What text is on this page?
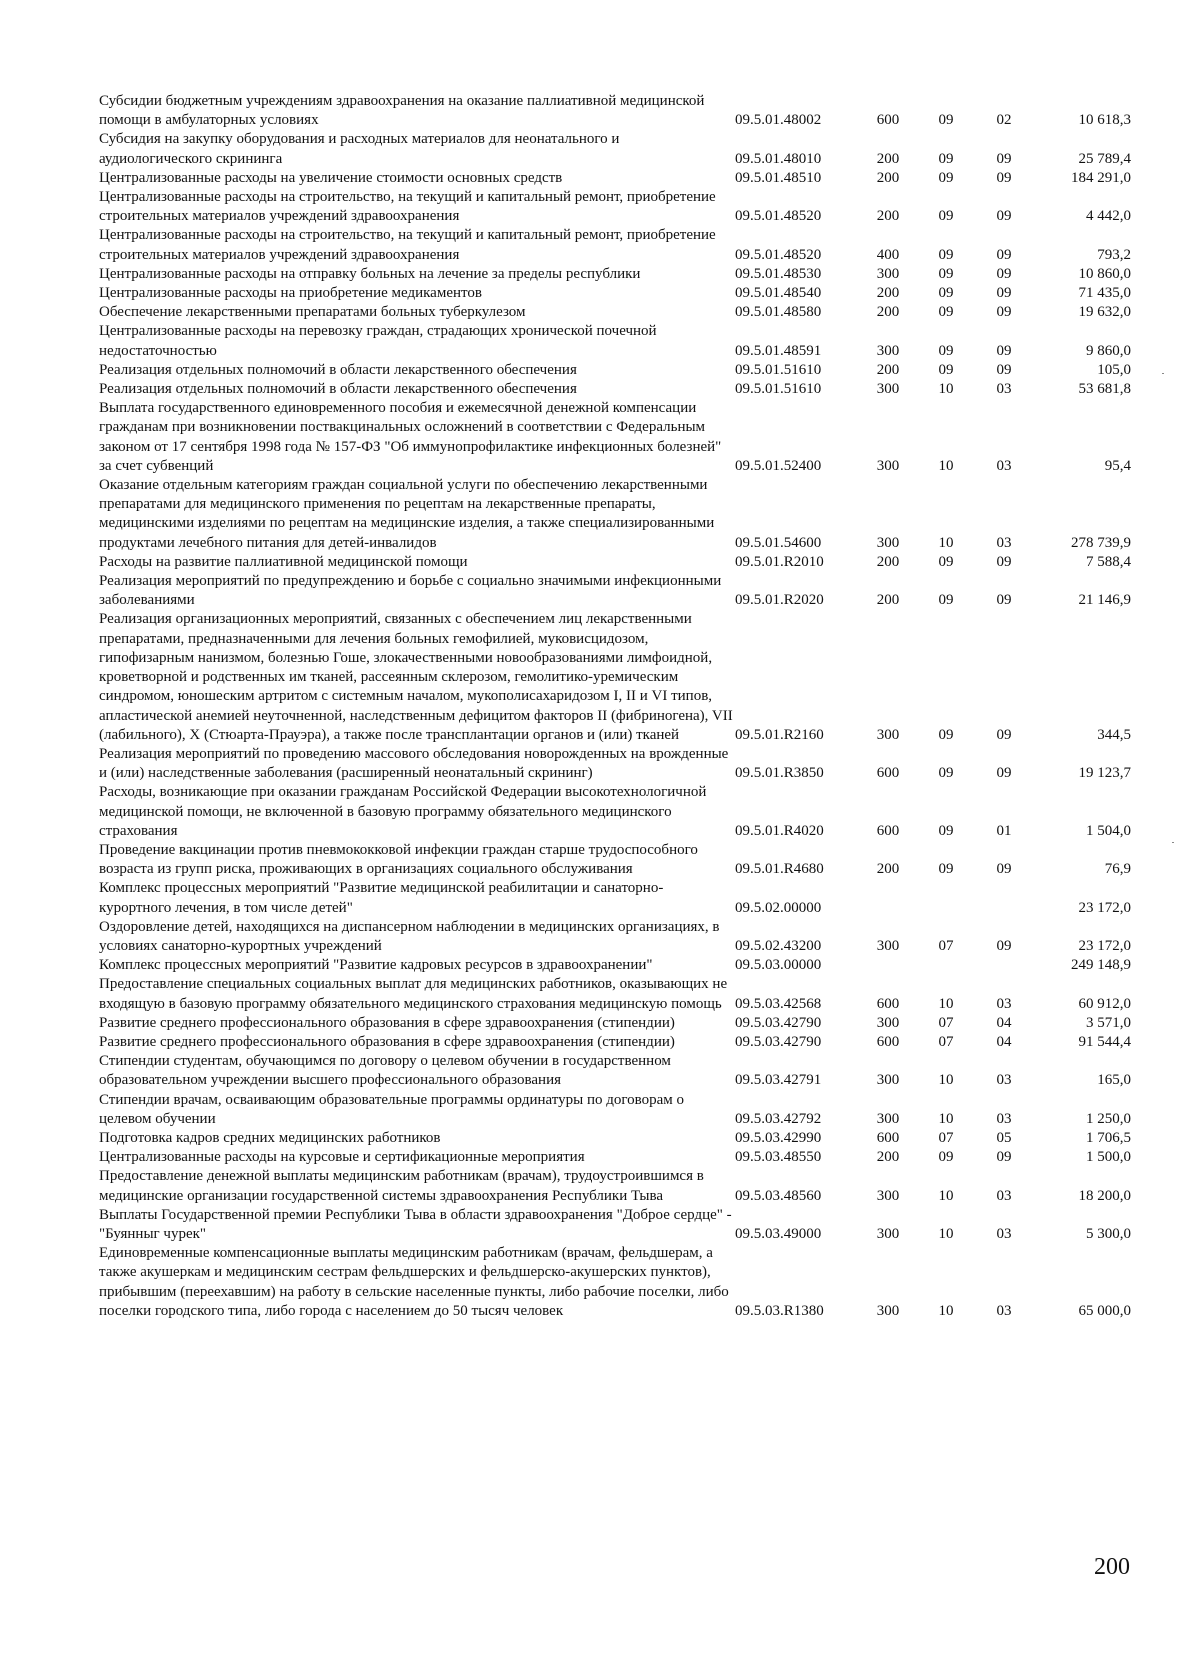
Субсидии бюджетным учреждениям здравоохранения на оказание паллиативной медицинской помощи в амбулаторных условиях	09.5.01.48002	600	09	02	10 618,3
Субсидия на закупку оборудования и расходных материалов для неонатального и аудиологического скрининга	09.5.01.48010	200	09	09	25 789,4
Централизованные расходы на увеличение стоимости основных средств	09.5.01.48510	200	09	09	184 291,0
Централизованные расходы на строительство, на текущий и капитальный ремонт, приобретение строительных материалов учреждений здравоохранения	09.5.01.48520	200	09	09	4 442,0
Централизованные расходы на строительство, на текущий и капитальный ремонт, приобретение строительных материалов учреждений здравоохранения	09.5.01.48520	400	09	09	793,2
Централизованные расходы на отправку больных на лечение за пределы республики	09.5.01.48530	300	09	09	10 860,0
Централизованные расходы на приобретение медикаментов	09.5.01.48540	200	09	09	71 435,0
Обеспечение лекарственными препаратами больных туберкулезом	09.5.01.48580	200	09	09	19 632,0
Централизованные расходы на перевозку граждан, страдающих хронической почечной недостаточностью	09.5.01.48591	300	09	09	9 860,0
Реализация отдельных полномочий в области лекарственного обеспечения	09.5.01.51610	200	09	09	105,0
Реализация отдельных полномочий в области лекарственного обеспечения	09.5.01.51610	300	10	03	53 681,8
Выплата государственного единовременного пособия и ежемесячной денежной компенсации гражданам при возникновении поствакцинальных осложнений в соответствии с Федеральным законом от 17 сентября 1998 года № 157-ФЗ "Об иммунопрофилактике инфекционных болезней" за счет субвенций	09.5.01.52400	300	10	03	95,4
Оказание отдельным категориям граждан социальной услуги по обеспечению лекарственными препаратами для медицинского применения по рецептам на лекарственные препараты, медицинскими изделиями по рецептам на медицинские изделия, а также специализированными продуктами лечебного питания для детей-инвалидов	09.5.01.54600	300	10	03	278 739,9
Расходы на развитие паллиативной медицинской помощи	09.5.01.R2010	200	09	09	7 588,4
Реализация мероприятий по предупреждению и борьбе с социально значимыми инфекционными заболеваниями	09.5.01.R2020	200	09	09	21 146,9
Реализация организационных мероприятий, связанных с обеспечением лиц лекарственными препаратами, предназначенными для лечения больных гемофилией, муковисцидозом, гипофизарным нанизмом, болезнью Гоше, злокачественными новообразованиями лимфоидной, кроветворной и родственных им тканей, рассеянным склерозом, гемолитико-уремическим синдромом, юношеским артритом с системным началом, мукополисахаридозом I, II и VI типов, апластической анемией неуточненной, наследственным дефицитом факторов II (фибриногена), VII (лабильного), X (Стюарта-Прауэра), а также после трансплантации органов и (или) тканей	09.5.01.R2160	300	09	09	344,5
Реализация мероприятий по проведению массового обследования новорожденных на врожденные и (или) наследственные заболевания (расширенный неонатальный скрининг)	09.5.01.R3850	600	09	09	19 123,7
Расходы, возникающие при оказании гражданам Российской Федерации высокотехнологичной медицинской помощи, не включенной в базовую программу обязательного медицинского страхования	09.5.01.R4020	600	09	01	1 504,0
Проведение вакцинации против пневмококковой инфекции граждан старше трудоспособного возраста из групп риска, проживающих в организациях социального обслуживания	09.5.01.R4680	200	09	09	76,9
Комплекс процессных мероприятий "Развитие медицинской реабилитации и санаторно-курортного лечения, в том числе детей"	09.5.02.00000				23 172,0
Оздоровление детей, находящихся на диспансерном наблюдении в медицинских организациях, в условиях санаторно-курортных учреждений	09.5.02.43200	300	07	09	23 172,0
Комплекс процессных мероприятий "Развитие кадровых ресурсов в здравоохранении"	09.5.03.00000				249 148,9
Предоставление специальных социальных выплат для медицинских работников, оказывающих не входящую в базовую программу обязательного медицинского страхования медицинскую помощь	09.5.03.42568	600	10	03	60 912,0
Развитие среднего профессионального образования в сфере здравоохранения (стипендии)	09.5.03.42790	300	07	04	3 571,0
Развитие среднего профессионального образования в сфере здравоохранения (стипендии)	09.5.03.42790	600	07	04	91 544,4
Стипендии студентам, обучающимся по договору о целевом обучении в государственном образовательном учреждении высшего профессионального образования	09.5.03.42791	300	10	03	165,0
Стипендии врачам, осваивающим образовательные программы ординатуры по договорам о целевом обучении	09.5.03.42792	300	10	03	1 250,0
Подготовка кадров средних медицинских работников	09.5.03.42990	600	07	05	1 706,5
Централизованные расходы на курсовые и сертификационные мероприятия	09.5.03.48550	200	09	09	1 500,0
Предоставление денежной выплаты медицинским работникам (врачам), трудоустроившимся в медицинские организации государственной системы здравоохранения Республики Тыва	09.5.03.48560	300	10	03	18 200,0
Выплаты Государственной премии Республики Тыва в области здравоохранения "Доброе сердце" - "Буянныг чурек"	09.5.03.49000	300	10	03	5 300,0
Единовременные компенсационные выплаты медицинским работникам (врачам, фельдшерам, а также акушеркам и медицинским сестрам фельдшерских и фельдшерско-акушерских пунктов), прибывшим (переехавшим) на работу в сельские населенные пункты, либо рабочие поселки, либо поселки городского типа, либо города с населением до 50 тысяч человек	09.5.03.R1380	300	10	03	65 000,0
200
